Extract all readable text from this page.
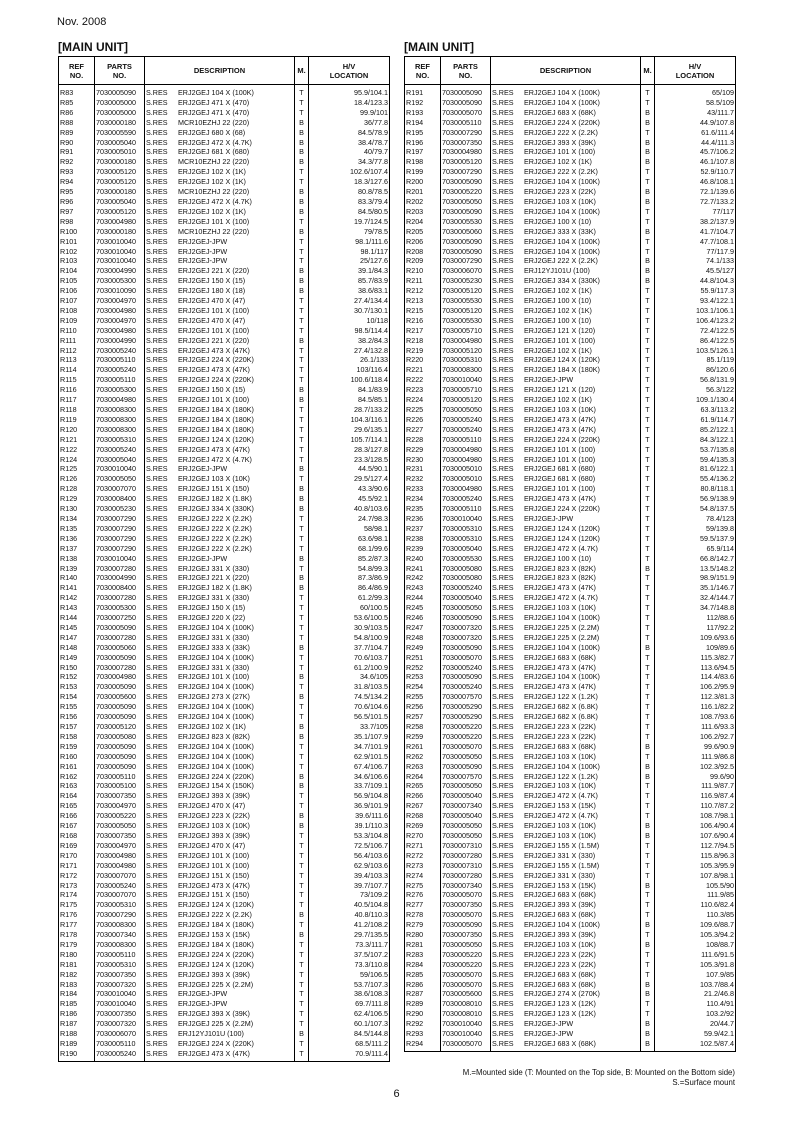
Nov. 2008
[MAIN UNIT]	[MAIN UNIT]
REF
NO.	PARTS
NO.	DESCRIPTION	M.	H/V
LOCATION
R83	7030005090	S.RES ERJ2GEJ 104 X (100K)	T	95.9/104.1
R85	7030005000	S.RES ERJ2GEJ 471 X (470)	T	18.4/123.3
R86	7030005000	S.RES ERJ2GEJ 471 X (470)	T	99.9/101
R88	7030000180	S.RES MCR10EZHJ 22 (220)	B	36/77.8
R89	7030005590	S.RES ERJ2GEJ 680 X (68)	B	84.5/78.9
R90	7030005040	S.RES ERJ2GEJ 472 X (4.7K)	B	38.4/78.7
R91	7030005010	S.RES ERJ2GEJ 681 X (680)	B	40/79.7
R92	7030000180	S.RES MCR10EZHJ 22 (220)	B	34.3/77.8
R93	7030005120	S.RES ERJ2GEJ 102 X (1K)	T	102.6/107.4
R94	7030005120	S.RES ERJ2GEJ 102 X (1K)	T	18.3/127.6
R95	7030000180	S.RES MCR10EZHJ 22 (220)	B	80.8/78.5
R96	7030005040	S.RES ERJ2GEJ 472 X (4.7K)	B	83.3/79.4
R97	7030005120	S.RES ERJ2GEJ 102 X (1K)	B	84.5/80.5
R98	7030004980	S.RES ERJ2GEJ 101 X (100)	T	19.7/124.5
R100	7030000180	S.RES MCR10EZHJ 22 (220)	B	79/78.5
R101	7030010040	S.RES ERJ2GEJ-JPW	T	98.1/111.6
R102	7030010040	S.RES ERJ2GEJ-JPW	T	98.1/117
R103	7030010040	S.RES ERJ2GEJ-JPW	T	25/127.6
R104	7030004990	S.RES ERJ2GEJ 221 X (220)	B	39.1/84.3
R105	7030005300	S.RES ERJ2GEJ 150 X (15)	B	85.7/83.9
R106	7030010090	S.RES ERJ2GEJ 180 X (18)	B	38.6/83.1
R107	7030004970	S.RES ERJ2GEJ 470 X (47)	T	27.4/134.4
R108	7030004980	S.RES ERJ2GEJ 101 X (100)	T	30.7/130.1
R109	7030004970	S.RES ERJ2GEJ 470 X (47)	T	10/118
R110	7030004980	S.RES ERJ2GEJ 101 X (100)	T	98.5/114.4
R111	7030004990	S.RES ERJ2GEJ 221 X (220)	B	38.2/84.3
R112	7030005240	S.RES ERJ2GEJ 473 X (47K)	T	27.4/132.8
R113	7030005110	S.RES ERJ2GEJ 224 X (220K)	T	26.1/133
R114	7030005240	S.RES ERJ2GEJ 473 X (47K)	T	103/116.4
R115	7030005110	S.RES ERJ2GEJ 224 X (220K)	T	100.6/118.4
R116	7030005300	S.RES ERJ2GEJ 150 X (15)	B	84.1/83.9
R117	7030004980	S.RES ERJ2GEJ 101 X (100)	B	84.5/85.1
R118	7030008300	S.RES ERJ2GEJ 184 X (180K)	T	28.7/133.2
R119	7030008300	S.RES ERJ2GEJ 184 X (180K)	T	104.3/116.1
R120	7030008300	S.RES ERJ2GEJ 184 X (180K)	T	29.6/135.1
R121	7030005310	S.RES ERJ2GEJ 124 X (120K)	T	105.7/114.1
R122	7030005240	S.RES ERJ2GEJ 473 X (47K)	T	28.3/127.8
R124	7030005040	S.RES ERJ2GEJ 472 X (4.7K)	T	23.3/128.5
R125	7030010040	S.RES ERJ2GEJ-JPW	B	44.5/90.1
R126	7030005050	S.RES ERJ2GEJ 103 X (10K)	T	29.5/127.4
R128	7030007070	S.RES ERJ2GEJ 151 X (150)	B	43.3/90.6
R129	7030008400	S.RES ERJ2GEJ 182 X (1.8K)	B	45.5/92.1
R130	7030005230	S.RES ERJ2GEJ 334 X (330K)	B	40.8/103.6
R134	7030007290	S.RES ERJ2GEJ 222 X (2.2K)	T	24.7/98.3
R135	7030007290	S.RES ERJ2GEJ 222 X (2.2K)	T	58/98.1
R136	7030007290	S.RES ERJ2GEJ 222 X (2.2K)	T	63.6/98.1
R137	7030007290	S.RES ERJ2GEJ 222 X (2.2K)	T	68.1/99.6
R138	7030010040	S.RES ERJ2GEJ-JPW	B	85.2/87.3
R139	7030007280	S.RES ERJ2GEJ 331 X (330)	T	54.8/99.3
R140	7030004990	S.RES ERJ2GEJ 221 X (220)	B	87.3/86.9
R141	7030008400	S.RES ERJ2GEJ 182 X (1.8K)	B	86.4/86.9
R142	7030007280	S.RES ERJ2GEJ 331 X (330)	T	61.2/99.3
R143	7030005300	S.RES ERJ2GEJ 150 X (15)	T	60/100.5
R144	7030007250	S.RES ERJ2GEJ 220 X (22)	T	53.6/100.5
R145	7030005090	S.RES ERJ2GEJ 104 X (100K)	T	30.9/103.5
R147	7030007280	S.RES ERJ2GEJ 331 X (330)	T	54.8/100.9
R148	7030005060	S.RES ERJ2GEJ 333 X (33K)	B	37.7/104.7
R149	7030005090	S.RES ERJ2GEJ 104 X (100K)	T	70.6/103.7
R150	7030007280	S.RES ERJ2GEJ 331 X (330)	T	61.2/100.9
R152	7030004980	S.RES ERJ2GEJ 101 X (100)	B	34.6/105
R153	7030005090	S.RES ERJ2GEJ 104 X (100K)	T	31.8/103.5
R154	7030005600	S.RES ERJ2GEJ 273 X (27K)	B	74.5/134.2
R155	7030005090	S.RES ERJ2GEJ 104 X (100K)	T	70.6/104.6
R156	7030005090	S.RES ERJ2GEJ 104 X (100K)	T	56.5/101.5
R157	7030005120	S.RES ERJ2GEJ 102 X (1K)	B	33.7/105
R158	7030005080	S.RES ERJ2GEJ 823 X (82K)	B	35.1/107.9
R159	7030005090	S.RES ERJ2GEJ 104 X (100K)	T	34.7/101.9
R160	7030005090	S.RES ERJ2GEJ 104 X (100K)	T	62.9/101.5
R161	7030005090	S.RES ERJ2GEJ 104 X (100K)	T	67.4/106.7
R162	7030005110	S.RES ERJ2GEJ 224 X (220K)	B	34.6/106.6
R163	7030005100	S.RES ERJ2GEJ 154 X (150K)	B	33.7/109.1
R164	7030007350	S.RES ERJ2GEJ 393 X (39K)	T	56.9/104.8
R165	7030004970	S.RES ERJ2GEJ 470 X (47)	T	36.9/101.9
R166	7030005220	S.RES ERJ2GEJ 223 X (22K)	B	39.6/111.6
R167	7030005050	S.RES ERJ2GEJ 103 X (10K)	B	39.1/110.3
R168	7030007350	S.RES ERJ2GEJ 393 X (39K)	T	53.3/104.8
R169	7030004970	S.RES ERJ2GEJ 470 X (47)	T	72.5/106.7
R170	7030004980	S.RES ERJ2GEJ 101 X (100)	T	56.4/103.6
R171	7030004980	S.RES ERJ2GEJ 101 X (100)	T	62.9/103.6
R172	7030007070	S.RES ERJ2GEJ 151 X (150)	T	39.4/103.3
R173	7030005240	S.RES ERJ2GEJ 473 X (47K)	T	39.7/107.7
R174	7030007070	S.RES ERJ2GEJ 151 X (150)	T	73/109.2
R175	7030005310	S.RES ERJ2GEJ 124 X (120K)	T	40.5/104.8
R176	7030007290	S.RES ERJ2GEJ 222 X (2.2K)	B	40.8/110.3
R177	7030008300	S.RES ERJ2GEJ 184 X (180K)	T	41.2/108.2
R178	7030007340	S.RES ERJ2GEJ 153 X (15K)	B	29.7/135.5
R179	7030008300	S.RES ERJ2GEJ 184 X (180K)	T	73.3/111.7
R180	7030005110	S.RES ERJ2GEJ 224 X (220K)	T	37.5/107.2
R181	7030005310	S.RES ERJ2GEJ 124 X (120K)	T	73.3/110.8
R182	7030007350	S.RES ERJ2GEJ 393 X (39K)	T	59/106.5
R183	7030007320	S.RES ERJ2GEJ 225 X (2.2M)	T	53.7/107.3
R184	7030010040	S.RES ERJ2GEJ-JPW	T	38.6/108.3
R185	7030010040	S.RES ERJ2GEJ-JPW	T	69.7/111.8
R186	7030007350	S.RES ERJ2GEJ 393 X (39K)	T	62.4/106.5
R187	7030007320	S.RES ERJ2GEJ 225 X (2.2M)	T	60.1/107.3
R188	7030006070	S.RES ERJ12YJ101U (100)	B	84.5/144.8
R189	7030005110	S.RES ERJ2GEJ 224 X (220K)	T	68.5/111.2
R190	7030005240	S.RES ERJ2GEJ 473 X (47K)	T	70.9/111.4
REF
NO.	PARTS
NO.	DESCRIPTION	M.	H/V
LOCATION
R191	7030005090	S.RES ERJ2GEJ 104 X (100K)	T	65/109
R192	7030005090	S.RES ERJ2GEJ 104 X (100K)	T	58.5/109
R193	7030005070	S.RES ERJ2GEJ 683 X (68K)	B	43/111.7
R194	7030005110	S.RES ERJ2GEJ 224 X (220K)	B	44.9/107.8
R195	7030007290	S.RES ERJ2GEJ 222 X (2.2K)	T	61.6/111.4
R196	7030007350	S.RES ERJ2GEJ 393 X (39K)	B	44.4/111.3
R197	7030004980	S.RES ERJ2GEJ 101 X (100)	B	45.7/106.2
R198	7030005120	S.RES ERJ2GEJ 102 X (1K)	B	46.1/107.8
R199	7030007290	S.RES ERJ2GEJ 222 X (2.2K)	T	52.9/110.7
R200	7030005090	S.RES ERJ2GEJ 104 X (100K)	T	46.8/108.1
R201	7030005220	S.RES ERJ2GEJ 223 X (22K)	B	72.1/139.6
R202	7030005050	S.RES ERJ2GEJ 103 X (10K)	B	72.7/133.2
R203	7030005090	S.RES ERJ2GEJ 104 X (100K)	T	77/117
R204	7030005530	S.RES ERJ2GEJ 100 X (10)	T	38.2/137.9
R205	7030005060	S.RES ERJ2GEJ 333 X (33K)	B	41.7/104.7
R206	7030005090	S.RES ERJ2GEJ 104 X (100K)	T	47.7/108.1
R208	7030005090	S.RES ERJ2GEJ 104 X (100K)	T	77/117.9
R209	7030007290	S.RES ERJ2GEJ 222 X (2.2K)	B	74.1/133
R210	7030006070	S.RES ERJ12YJ101U (100)	B	45.5/127
R211	7030005230	S.RES ERJ2GEJ 334 X (330K)	B	44.8/104.3
R212	7030005120	S.RES ERJ2GEJ 102 X (1K)	T	55.9/117.3
R213	7030005530	S.RES ERJ2GEJ 100 X (10)	T	93.4/122.1
R215	7030005120	S.RES ERJ2GEJ 102 X (1K)	T	103.1/106.1
R216	7030005530	S.RES ERJ2GEJ 100 X (10)	T	106.4/123.2
R217	7030005710	S.RES ERJ2GEJ 121 X (120)	T	72.4/122.5
R218	7030004980	S.RES ERJ2GEJ 101 X (100)	T	86.4/122.5
R219	7030005120	S.RES ERJ2GEJ 102 X (1K)	T	103.5/126.1
R220	7030005310	S.RES ERJ2GEJ 124 X (120K)	T	85.1/119
R221	7030008300	S.RES ERJ2GEJ 184 X (180K)	T	86/120.6
R222	7030010040	S.RES ERJ2GEJ-JPW	T	56.8/131.9
R223	7030005710	S.RES ERJ2GEJ 121 X (120)	T	56.3/122
R224	7030005120	S.RES ERJ2GEJ 102 X (1K)	T	109.1/130.4
R225	7030005050	S.RES ERJ2GEJ 103 X (10K)	T	63.3/113.2
R226	7030005240	S.RES ERJ2GEJ 473 X (47K)	T	61.9/114.7
R227	7030005240	S.RES ERJ2GEJ 473 X (47K)	T	85.2/122.1
R228	7030005110	S.RES ERJ2GEJ 224 X (220K)	T	84.3/122.1
R229	7030004980	S.RES ERJ2GEJ 101 X (100)	T	53.7/135.8
R230	7030004980	S.RES ERJ2GEJ 101 X (100)	T	59.4/135.3
R231	7030005010	S.RES ERJ2GEJ 681 X (680)	T	81.6/122.1
R232	7030005010	S.RES ERJ2GEJ 681 X (680)	T	55.4/136.2
R233	7030004980	S.RES ERJ2GEJ 101 X (100)	T	80.8/118.1
R234	7030005240	S.RES ERJ2GEJ 473 X (47K)	T	56.9/138.9
R235	7030005110	S.RES ERJ2GEJ 224 X (220K)	T	54.8/137.5
R236	7030010040	S.RES ERJ2GEJ-JPW	T	78.4/123
R237	7030005310	S.RES ERJ2GEJ 124 X (120K)	T	59/139.8
R238	7030005310	S.RES ERJ2GEJ 124 X (120K)	T	59.5/137.9
R239	7030005040	S.RES ERJ2GEJ 472 X (4.7K)	T	65.9/114
R240	7030005530	S.RES ERJ2GEJ 100 X (10)	T	66.8/142.7
R241	7030005080	S.RES ERJ2GEJ 823 X (82K)	B	13.5/148.2
R242	7030005080	S.RES ERJ2GEJ 823 X (82K)	T	98.9/151.9
R243	7030005240	S.RES ERJ2GEJ 473 X (47K)	T	35.1/146.7
R244	7030005040	S.RES ERJ2GEJ 472 X (4.7K)	T	32.4/144.7
R245	7030005050	S.RES ERJ2GEJ 103 X (10K)	T	34.7/148.8
R246	7030005090	S.RES ERJ2GEJ 104 X (100K)	T	112/88.6
R247	7030007320	S.RES ERJ2GEJ 225 X (2.2M)	T	117/92.2
R248	7030007320	S.RES ERJ2GEJ 225 X (2.2M)	T	109.6/93.6
R249	7030005090	S.RES ERJ2GEJ 104 X (100K)	B	109/89.6
R251	7030005070	S.RES ERJ2GEJ 683 X (68K)	T	115.3/82.7
R252	7030005240	S.RES ERJ2GEJ 473 X (47K)	T	113.6/94.5
R253	7030005090	S.RES ERJ2GEJ 104 X (100K)	T	114.4/83.6
R254	7030005240	S.RES ERJ2GEJ 473 X (47K)	T	106.2/95.9
R255	7030007570	S.RES ERJ2GEJ 122 X (1.2K)	T	112.3/81.3
R256	7030005290	S.RES ERJ2GEJ 682 X (6.8K)	T	116.1/82.2
R257	7030005290	S.RES ERJ2GEJ 682 X (6.8K)	T	108.7/93.6
R258	7030005220	S.RES ERJ2GEJ 223 X (22K)	T	111.6/93.3
R259	7030005220	S.RES ERJ2GEJ 223 X (22K)	T	106.2/92.7
R261	7030005070	S.RES ERJ2GEJ 683 X (68K)	B	99.6/90.9
R262	7030005050	S.RES ERJ2GEJ 103 X (10K)	T	111.9/86.8
R263	7030005090	S.RES ERJ2GEJ 104 X (100K)	B	102.3/92.5
R264	7030007570	S.RES ERJ2GEJ 122 X (1.2K)	B	99.6/90
R265	7030005050	S.RES ERJ2GEJ 103 X (10K)	T	111.9/87.7
R266	7030005040	S.RES ERJ2GEJ 472 X (4.7K)	T	116.9/87.4
R267	7030007340	S.RES ERJ2GEJ 153 X (15K)	T	110.7/87.2
R268	7030005040	S.RES ERJ2GEJ 472 X (4.7K)	T	108.7/98.1
R269	7030005050	S.RES ERJ2GEJ 103 X (10K)	B	106.4/90.4
R270	7030005050	S.RES ERJ2GEJ 103 X (10K)	B	107.6/90.4
R271	7030007310	S.RES ERJ2GEJ 155 X (1.5M)	T	112.7/94.5
R272	7030007280	S.RES ERJ2GEJ 331 X (330)	T	115.8/96.3
R273	7030007310	S.RES ERJ2GEJ 155 X (1.5M)	T	105.3/95.9
R274	7030007280	S.RES ERJ2GEJ 331 X (330)	T	107.8/98.1
R275	7030007340	S.RES ERJ2GEJ 153 X (15K)	B	105.5/90
R276	7030005070	S.RES ERJ2GEJ 683 X (68K)	T	111.9/85
R277	7030007350	S.RES ERJ2GEJ 393 X (39K)	T	110.6/82.4
R278	7030005070	S.RES ERJ2GEJ 683 X (68K)	T	110.3/85
R279	7030005090	S.RES ERJ2GEJ 104 X (100K)	B	109.6/88.7
R280	7030007350	S.RES ERJ2GEJ 393 X (39K)	T	105.3/94.2
R281	7030005050	S.RES ERJ2GEJ 103 X (10K)	B	108/88.7
R283	7030005220	S.RES ERJ2GEJ 223 X (22K)	T	111.6/91.5
R284	7030005220	S.RES ERJ2GEJ 223 X (22K)	T	105.3/91.8
R285	7030005070	S.RES ERJ2GEJ 683 X (68K)	T	107.9/85
R286	7030005070	S.RES ERJ2GEJ 683 X (68K)	B	103.7/88.4
R287	7030005600	S.RES ERJ2GEJ 274 X (270K)	B	21.2/46.8
R289	7030008010	S.RES ERJ2GEJ 123 X (12K)	T	110.4/91
R290	7030008010	S.RES ERJ2GEJ 123 X (12K)	T	103.2/92
R292	7030010040	S.RES ERJ2GEJ-JPW	B	20/44.7
R293	7030010040	S.RES ERJ2GEJ-JPW	B	59.9/42.1
R294	7030005070	S.RES ERJ2GEJ 683 X (68K)	B	102.5/87.4
M.=Mounted side (T: Mounted on the Top side, B: Mounted on the Bottom side)
S.=Surface mount
6
